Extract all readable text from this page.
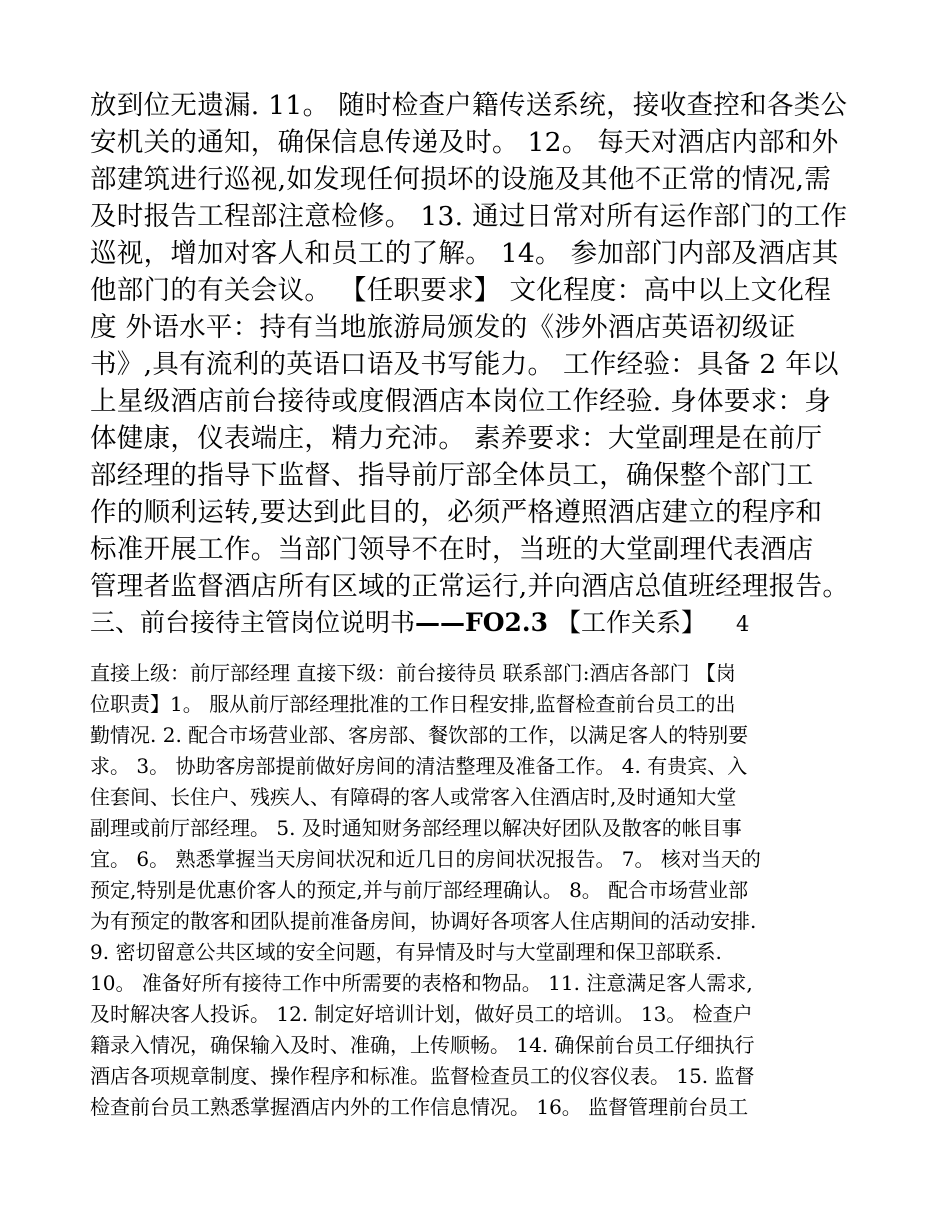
放到位无遗漏. 11。 随时检查户籍传送系统，接收查控和各类公
安机关的通知，确保信息传递及时。 12。 每天对酒店内部和外
部建筑进行巡视,如发现任何损坏的设施及其他不正常的情况,需
及时报告工程部注意检修。 13. 通过日常对所有运作部门的工作
巡视，增加对客人和员工的了解。 14。 参加部门内部及酒店其
他部门的有关会议。 【任职要求】 文化程度：高中以上文化程
度 外语水平：持有当地旅游局颁发的《涉外酒店英语初级证
书》,具有流利的英语口语及书写能力。 工作经验：具备 2 年以
上星级酒店前台接待或度假酒店本岗位工作经验. 身体要求：身
体健康，仪表端庄，精力充沛。 素养要求：大堂副理是在前厅
部经理的指导下监督、指导前厅部全体员工，确保整个部门工
作的顺利运转,要达到此目的，必须严格遵照酒店建立的程序和
标准开展工作。当部门领导不在时，当班的大堂副理代表酒店
管理者监督酒店所有区域的正常运行,并向酒店总值班经理报告。
三、前台接待主管岗位说明书——FO2.3 【工作关系】 4
直接上级：前厅部经理 直接下级：前台接待员 联系部门:酒店各部门 【岗
位职责】1。 服从前厅部经理批准的工作日程安排,监督检查前台员工的出
勤情况. 2. 配合市场营业部、客房部、餐饮部的工作，以满足客人的特别要
求。 3。 协助客房部提前做好房间的清洁整理及准备工作。 4. 有贵宾、入
住套间、长住户、残疾人、有障碍的客人或常客入住酒店时,及时通知大堂
副理或前厅部经理。 5. 及时通知财务部经理以解决好团队及散客的帐目事
宜。 6。 熟悉掌握当天房间状况和近几日的房间状况报告。 7。 核对当天的
预定,特别是优惠价客人的预定,并与前厅部经理确认。 8。 配合市场营业部
为有预定的散客和团队提前准备房间，协调好各项客人住店期间的活动安排.
9. 密切留意公共区域的安全问题，有异情及时与大堂副理和保卫部联系.
10。 准备好所有接待工作中所需要的表格和物品。 11. 注意满足客人需求,
及时解决客人投诉。 12. 制定好培训计划，做好员工的培训。 13。 检查户
籍录入情况，确保输入及时、准确，上传顺畅。 14. 确保前台员工仔细执行
酒店各项规章制度、操作程序和标准。监督检查员工的仪容仪表。 15. 监督
检查前台员工熟悉掌握酒店内外的工作信息情况。 16。 监督管理前台员工
